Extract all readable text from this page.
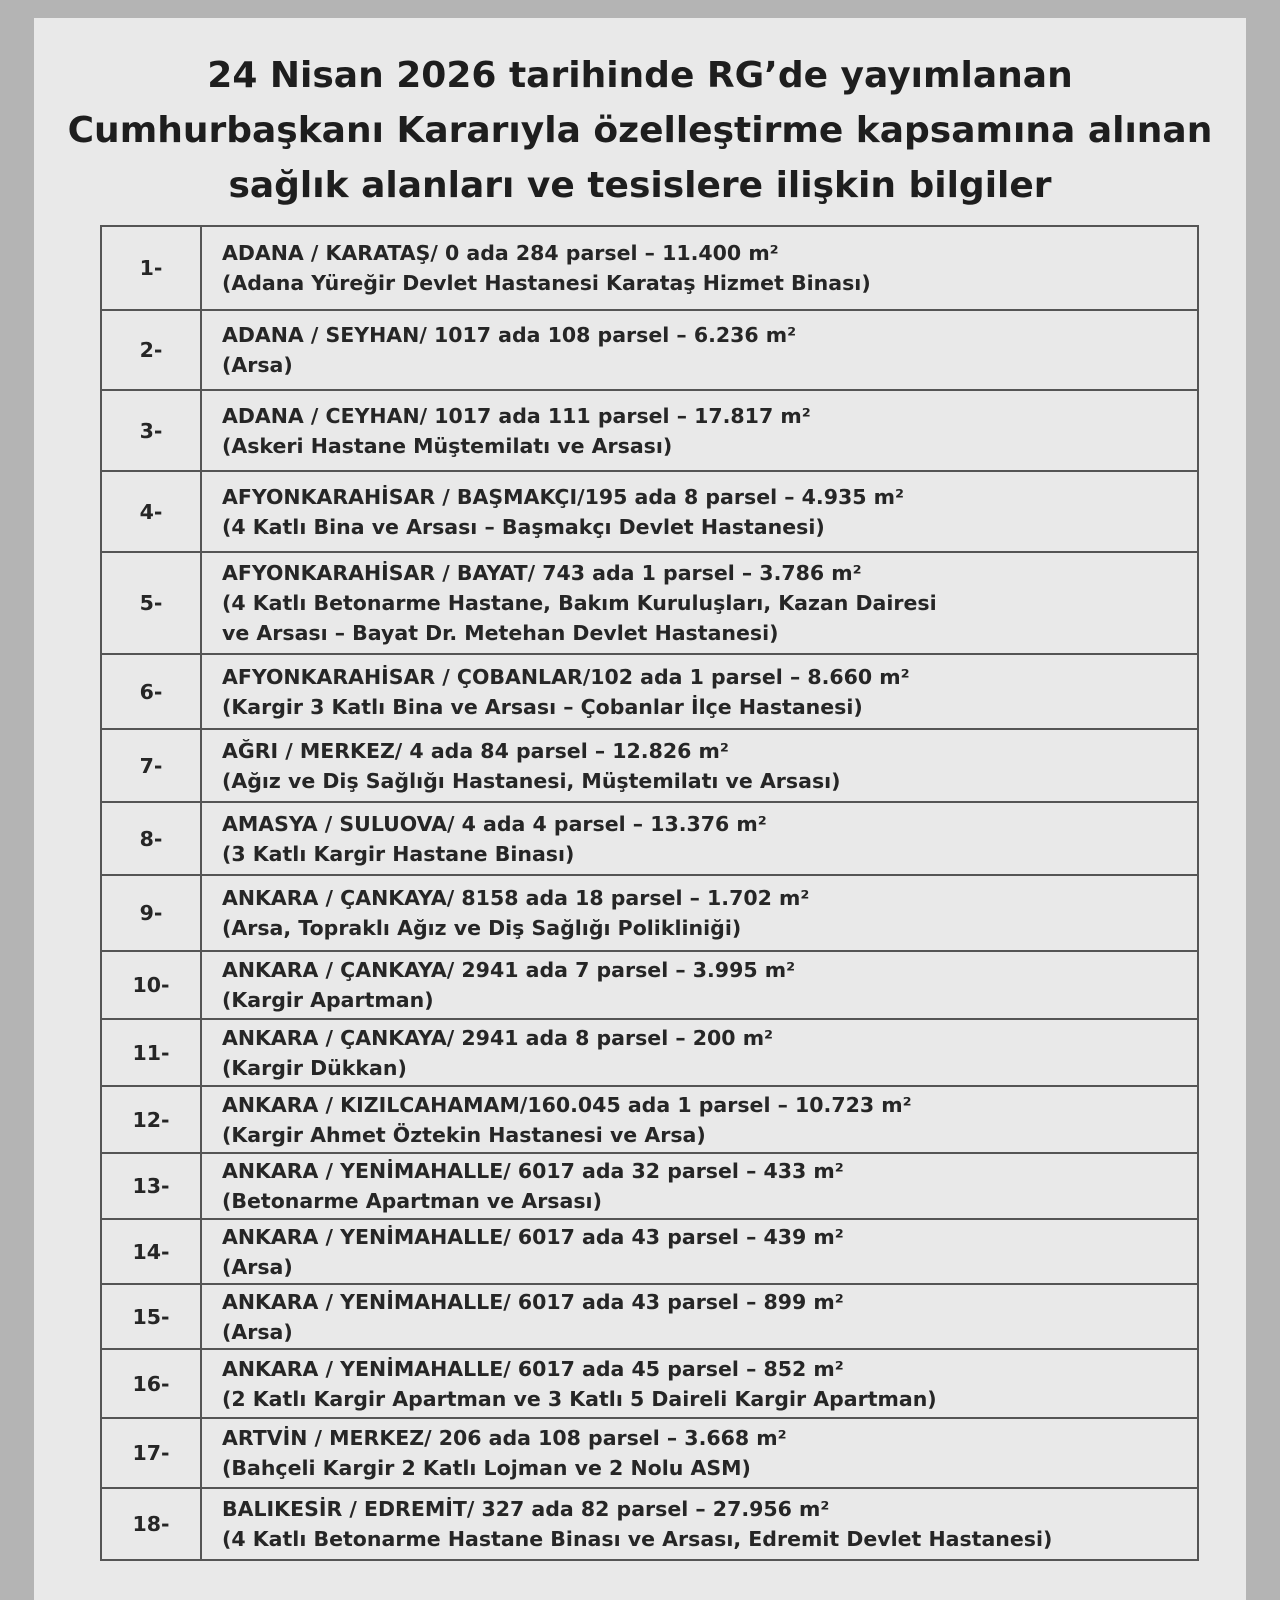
24 Nisan 2026 tarihinde RG’de yayımlanan
Cumhurbaşkanı Kararıyla özelleştirme kapsamına alınan
sağlık alanları ve tesislere ilişkin bilgiler
1-	ADANA / KARATAŞ/ 0 ada 284 parsel – 11.400 m²
(Adana Yüreğir Devlet Hastanesi Karataş Hizmet Binası)

2-	ADANA / SEYHAN/ 1017 ada 108 parsel – 6.236 m²
(Arsa)

3-	ADANA / CEYHAN/ 1017 ada 111 parsel – 17.817 m²
(Askeri Hastane Müştemilatı ve Arsası)

4-	AFYONKARAHİSAR / BAŞMAKÇI/195 ada 8 parsel – 4.935 m²
(4 Katlı Bina ve Arsası – Başmakçı Devlet Hastanesi)

5-	AFYONKARAHİSAR / BAYAT/ 743 ada 1 parsel – 3.786 m²
(4 Katlı Betonarme Hastane, Bakım Kuruluşları, Kazan Dairesi
ve Arsası – Bayat Dr. Metehan Devlet Hastanesi)

6-	AFYONKARAHİSAR / ÇOBANLAR/102 ada 1 parsel – 8.660 m²
(Kargir 3 Katlı Bina ve Arsası – Çobanlar İlçe Hastanesi)

7-	AĞRI / MERKEZ/ 4 ada 84 parsel – 12.826 m²
(Ağız ve Diş Sağlığı Hastanesi, Müştemilatı ve Arsası)

8-	AMASYA / SULUOVA/ 4 ada 4 parsel – 13.376 m²
(3 Katlı Kargir Hastane Binası)

9-	ANKARA / ÇANKAYA/ 8158 ada 18 parsel – 1.702 m²
(Arsa, Topraklı Ağız ve Diş Sağlığı Polikliniği)

10-	ANKARA / ÇANKAYA/ 2941 ada 7 parsel – 3.995 m²
(Kargir Apartman)

11-	ANKARA / ÇANKAYA/ 2941 ada 8 parsel – 200 m²
(Kargir Dükkan)

12-	ANKARA / KIZILCAHAMAM/160.045 ada 1 parsel – 10.723 m²
(Kargir Ahmet Öztekin Hastanesi ve Arsa)

13-	ANKARA / YENİMAHALLE/ 6017 ada 32 parsel – 433 m²
(Betonarme Apartman ve Arsası)

14-	ANKARA / YENİMAHALLE/ 6017 ada 43 parsel – 439 m²
(Arsa)

15-	ANKARA / YENİMAHALLE/ 6017 ada 43 parsel – 899 m²
(Arsa)

16-	ANKARA / YENİMAHALLE/ 6017 ada 45 parsel – 852 m²
(2 Katlı Kargir Apartman ve 3 Katlı 5 Daireli Kargir Apartman)

17-	ARTVİN / MERKEZ/ 206 ada 108 parsel – 3.668 m²
(Bahçeli Kargir 2 Katlı Lojman ve 2 Nolu ASM)

18-	BALIKESİR / EDREMİT/ 327 ada 82 parsel – 27.956 m²
(4 Katlı Betonarme Hastane Binası ve Arsası, Edremit Devlet Hastanesi)
